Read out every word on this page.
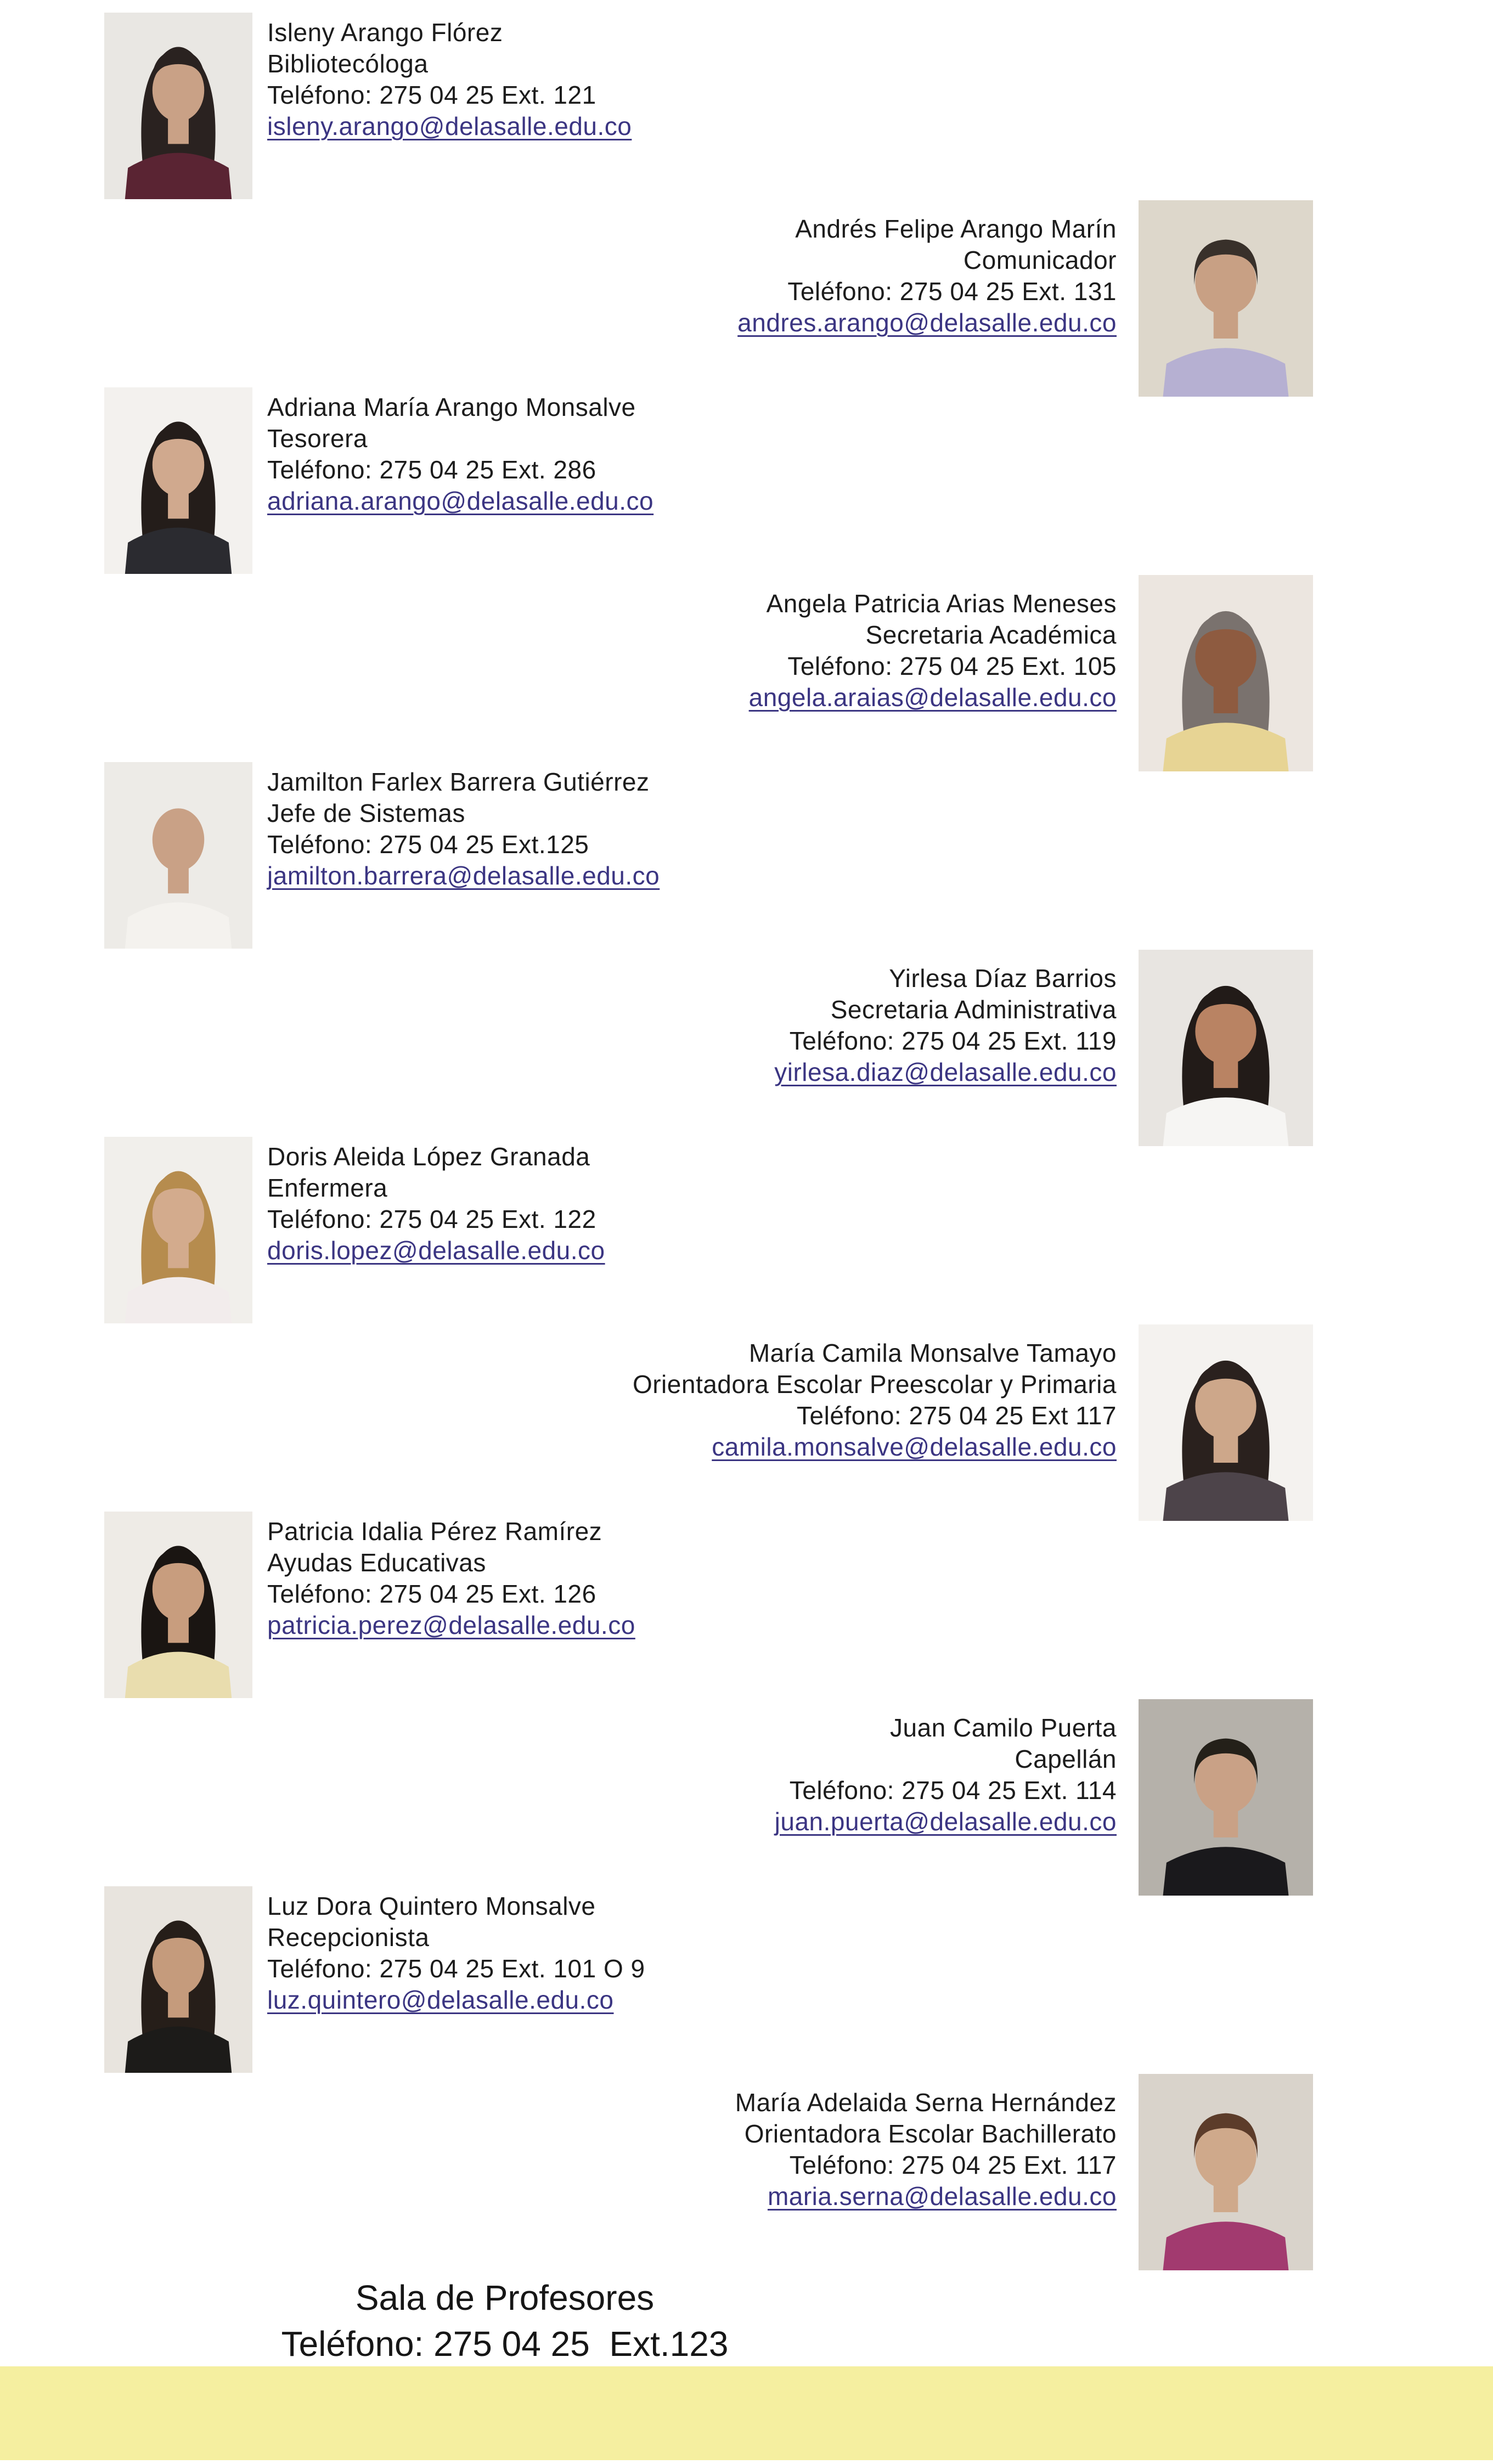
Isleny Arango Flórez
Bibliotecóloga
Teléfono: 275 04 25 Ext. 121
isleny.arango@delasalle.edu.co
Andrés Felipe Arango Marín
Comunicador
Teléfono: 275 04 25 Ext. 131
andres.arango@delasalle.edu.co
Adriana María Arango Monsalve
Tesorera
Teléfono: 275 04 25 Ext. 286
adriana.arango@delasalle.edu.co
Angela Patricia Arias Meneses
Secretaria Académica
Teléfono: 275 04 25 Ext. 105
angela.araias@delasalle.edu.co
Jamilton Farlex Barrera Gutiérrez
Jefe de Sistemas
Teléfono: 275 04 25 Ext.125
jamilton.barrera@delasalle.edu.co
Yirlesa Díaz Barrios
Secretaria Administrativa
Teléfono: 275 04 25 Ext. 119
yirlesa.diaz@delasalle.edu.co
Doris Aleida López Granada
Enfermera
Teléfono: 275 04 25 Ext. 122
doris.lopez@delasalle.edu.co
María Camila Monsalve Tamayo
Orientadora Escolar Preescolar y Primaria
Teléfono: 275 04 25 Ext 117
camila.monsalve@delasalle.edu.co
Patricia Idalia Pérez Ramírez
Ayudas Educativas
Teléfono: 275 04 25 Ext. 126
patricia.perez@delasalle.edu.co
Juan Camilo Puerta
Capellán
Teléfono: 275 04 25 Ext. 114
juan.puerta@delasalle.edu.co
Luz Dora Quintero Monsalve
Recepcionista
Teléfono: 275 04 25 Ext. 101 O 9
luz.quintero@delasalle.edu.co
María Adelaida Serna Hernández
Orientadora Escolar Bachillerato
Teléfono: 275 04 25 Ext. 117
maria.serna@delasalle.edu.co
Sala de Profesores
Teléfono: 275 04 25  Ext.123
